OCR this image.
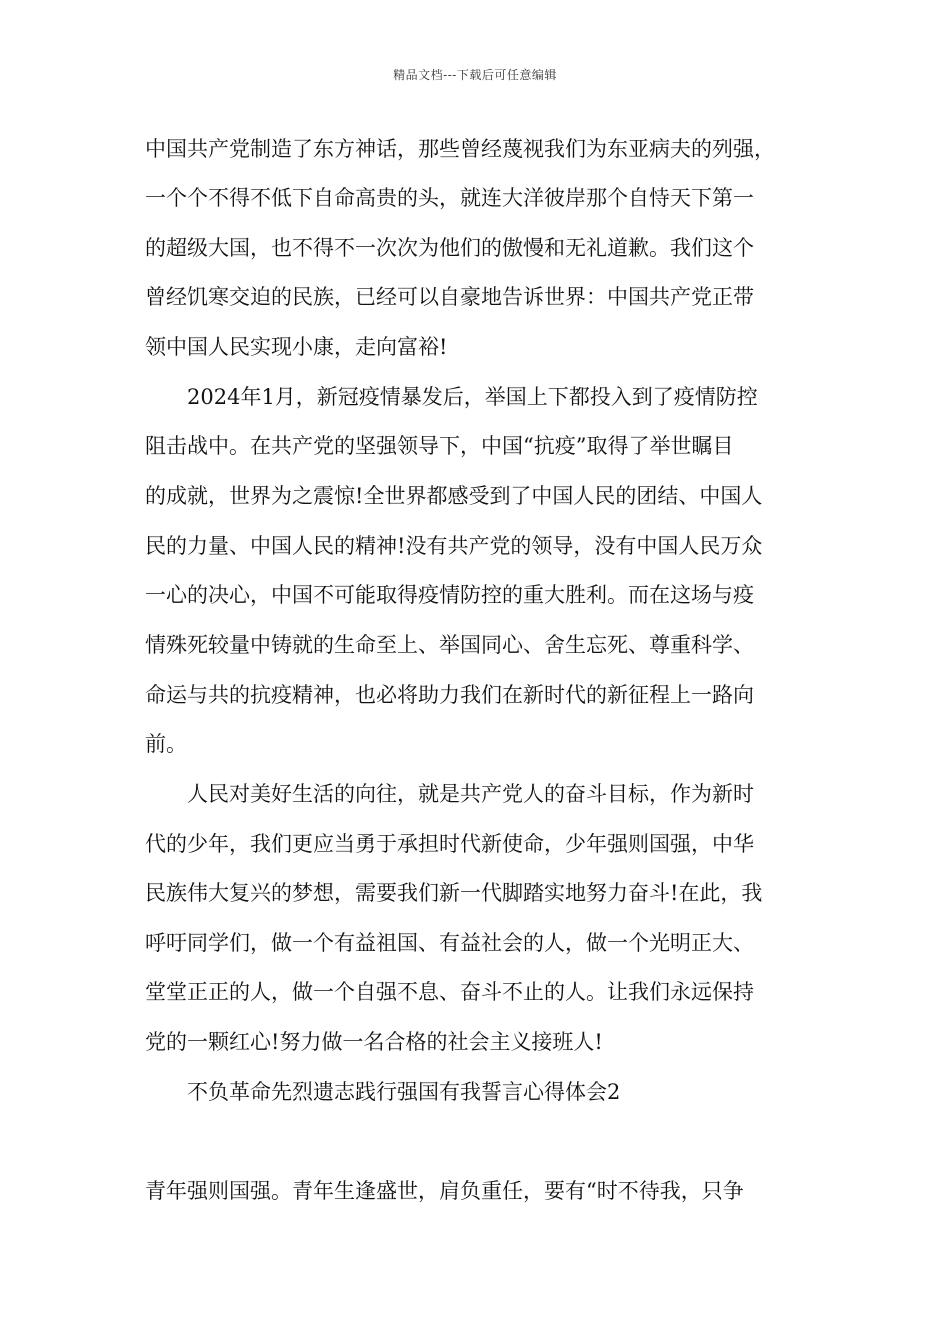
精品文档---下载后可任意编辑
中国共产党制造了东方神话，那些曾经蔑视我们为东亚病夫的列强，
一个个不得不低下自命高贵的头，就连大洋彼岸那个自恃天下第一
的超级大国，也不得不一次次为他们的傲慢和无礼道歉。我们这个
曾经饥寒交迫的民族，已经可以自豪地告诉世界：中国共产党正带
领中国人民实现小康，走向富裕!
2024年1月，新冠疫情暴发后，举国上下都投入到了疫情防控
阻击战中。在共产党的坚强领导下，中国“抗疫”取得了举世瞩目
的成就，世界为之震惊!全世界都感受到了中国人民的团结、中国人
民的力量、中国人民的精神!没有共产党的领导，没有中国人民万众
一心的决心，中国不可能取得疫情防控的重大胜利。而在这场与疫
情殊死较量中铸就的生命至上、举国同心、舍生忘死、尊重科学、
命运与共的抗疫精神，也必将助力我们在新时代的新征程上一路向
前。
人民对美好生活的向往，就是共产党人的奋斗目标，作为新时
代的少年，我们更应当勇于承担时代新使命，少年强则国强，中华
民族伟大复兴的梦想，需要我们新一代脚踏实地努力奋斗!在此，我
呼吁同学们，做一个有益祖国、有益社会的人，做一个光明正大、
堂堂正正的人，做一个自强不息、奋斗不止的人。让我们永远保持
党的一颗红心!努力做一名合格的社会主义接班人!
不负革命先烈遗志践行强国有我誓言心得体会2
青年强则国强。青年生逢盛世，肩负重任，要有“时不待我，只争
